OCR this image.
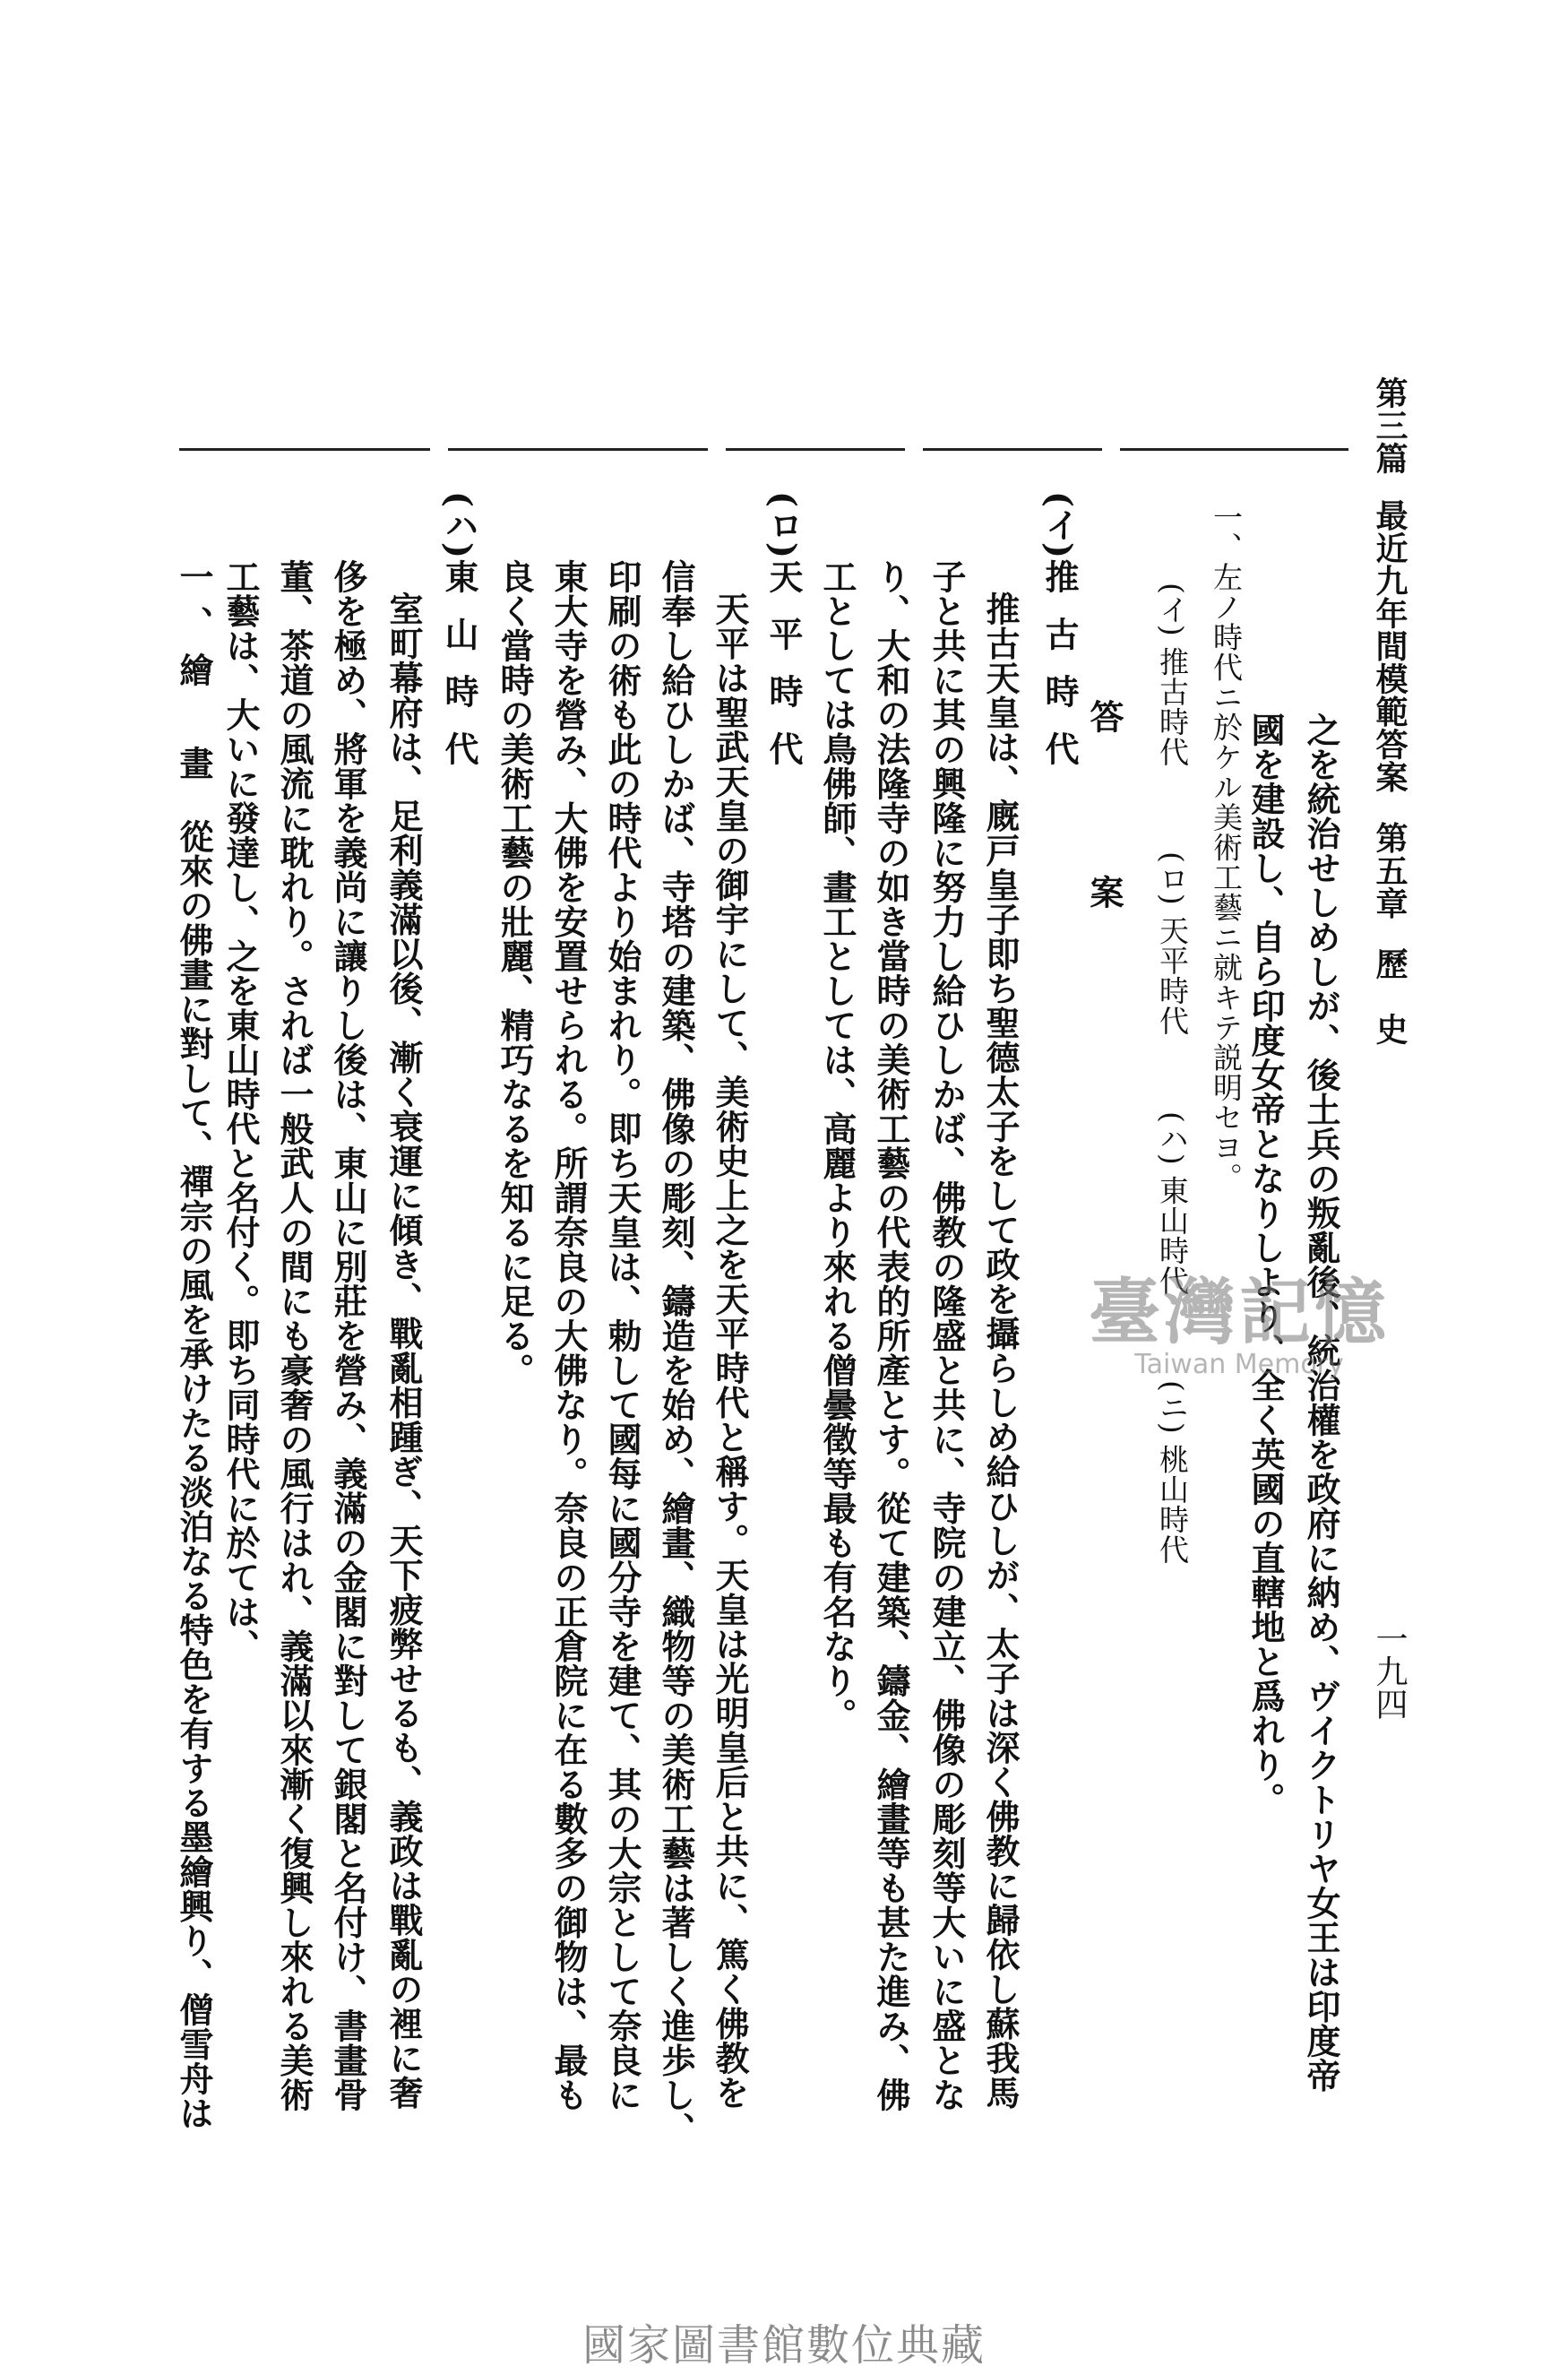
第三篇 最近九年間模範答案 第五章 歷　史
一九四
之を統治せしめしが、後土兵の叛亂後、統治權を政府に納め、ヴイクトリヤ女王は印度帝
國を建設し、自ら印度女帝となりしより、全く英國の直轄地と爲れり。
一、左ノ時代ニ於ケル美術工藝ニ就キテ説明セヨ。
(イ) 推古時代
(ロ) 天平時代
(ハ) 東山時代
(ニ) 桃山時代
答　案
(イ)
推古時代
推古天皇は、廐戸皇子即ち聖德太子をして政を攝らしめ給ひしが、太子は深く佛教に歸依し蘇我馬
子と共に其の興隆に努力し給ひしかば、佛教の隆盛と共に、寺院の建立、佛像の彫刻等大いに盛とな
り、大和の法隆寺の如き當時の美術工藝の代表的所產とす。從て建築、鑄金、繪畫等も甚た進み、佛
工としては鳥佛師、畫工としては、高麗より來れる僧曇徵等最も有名なり。
(ロ)
天平時代
天平は聖武天皇の御宇にして、美術史上之を天平時代と稱す。天皇は光明皇后と共に、篤く佛教を
信奉し給ひしかば、寺塔の建築、佛像の彫刻、鑄造を始め、繪畫、織物等の美術工藝は著しく進歩し、
印刷の術も此の時代より始まれり。即ち天皇は、勅して國每に國分寺を建て、其の大宗として奈良に
東大寺を營み、大佛を安置せられる。所謂奈良の大佛なり。奈良の正倉院に在る數多の御物は、最も
良く當時の美術工藝の壯麗、精巧なるを知るに足る。
(ハ)
東山時代
室町幕府は、足利義滿以後、漸く衰運に傾き、戰亂相踵ぎ、天下疲弊せるも、義政は戰亂の裡に奢
侈を極め、將軍を義尚に讓りし後は、東山に別莊を營み、義滿の金閣に對して銀閣と名付け、書畫骨
董、茶道の風流に耽れり。されば一般武人の間にも豪奢の風行はれ、義滿以來漸く復興し來れる美術
工藝は、大いに發達し、之を東山時代と名付く。即ち同時代に於ては、
一、繪　畫從來の佛畫に對して、禪宗の風を承けたる淡泊なる特色を有する墨繪興り、僧雪舟は	臺灣記憶
Taiwan Memory
國家圖書館數位典藏
